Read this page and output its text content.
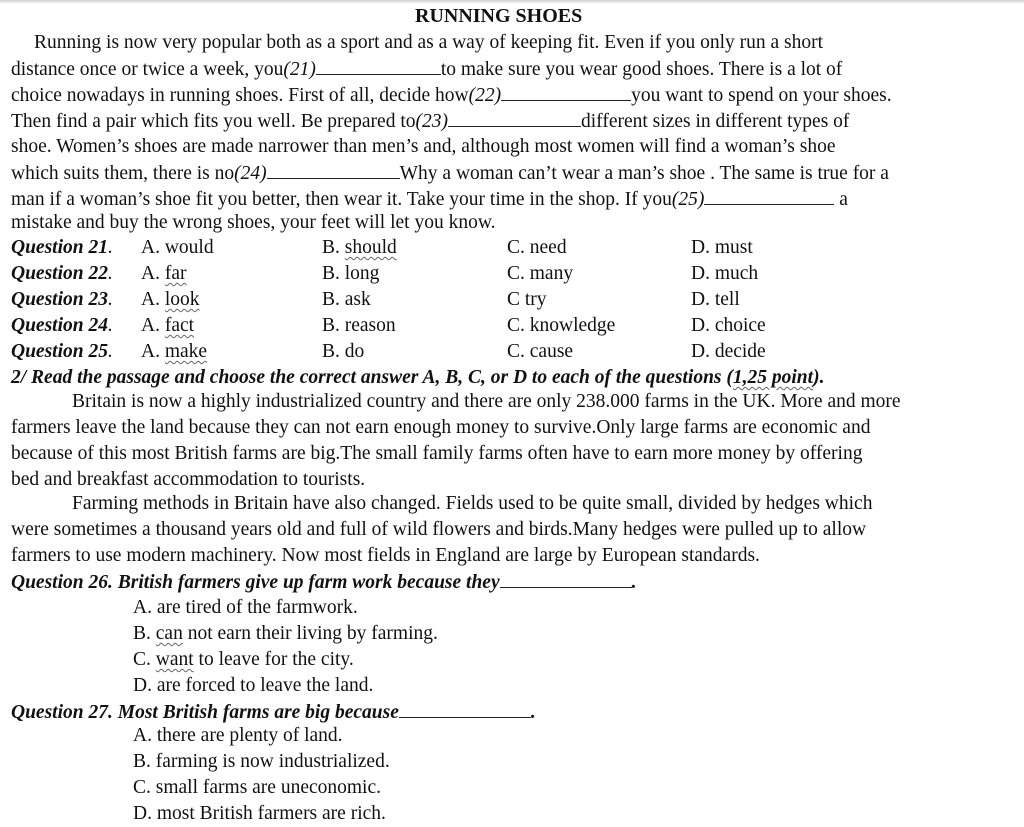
RUNNING SHOES
Running is now very popular both as a sport and as a way of keeping fit. Even if you only run a short
distance once or twice a week, you(21)	to make sure you wear good shoes. There is a lot of
choice nowadays in running shoes. First of all, decide how(22)	you want to spend on your shoes.
Then find a pair which fits you well. Be prepared to(23)	different sizes in different types of
shoe. Women’s shoes are made narrower than men’s and, although most women will find a woman’s shoe
which suits them, there is no(24)	Why a woman can’t wear a man’s shoe . The same is true for a
man if a woman’s shoe fit you better, then wear it. Take your time in the shop. If you(25)	a
mistake and buy the wrong shoes, your feet will let you know.
Question 21. A. would	B. should	C. need	D. must
Question 22. A. far	B. long	C. many	D. much
Question 23. A. look	B. ask	C try	D. tell
Question 24. A. fact	B. reason	C. knowledge	D. choice
Question 25. A. make	B. do	C. cause	D. decide
2/ Read the passage and choose the correct answer A, B, C, or D to each of the questions (1,25 point).
Britain is now a highly industrialized country and there are only 238.000 farms in the UK. More and more
farmers leave the land because they can not earn enough money to survive.Only large farms are economic and
because of this most British farms are big.The small family farms often have to earn more money by offering
bed and breakfast accommodation to tourists.
Farming methods in Britain have also changed. Fields used to be quite small, divided by hedges which
were sometimes a thousand years old and full of wild flowers and birds.Many hedges were pulled up to allow
farmers to use modern machinery. Now most fields in England are large by European standards.
Question 26. British farmers give up farm work because they	.
A. are tired of the farmwork.
B. can not earn their living by farming.
C. want to leave for the city.
D. are forced to leave the land.
Question 27. Most British farms are big because	.
A. there are plenty of land.
B. farming is now industrialized.
C. small farms are uneconomic.
D. most British farmers are rich.
